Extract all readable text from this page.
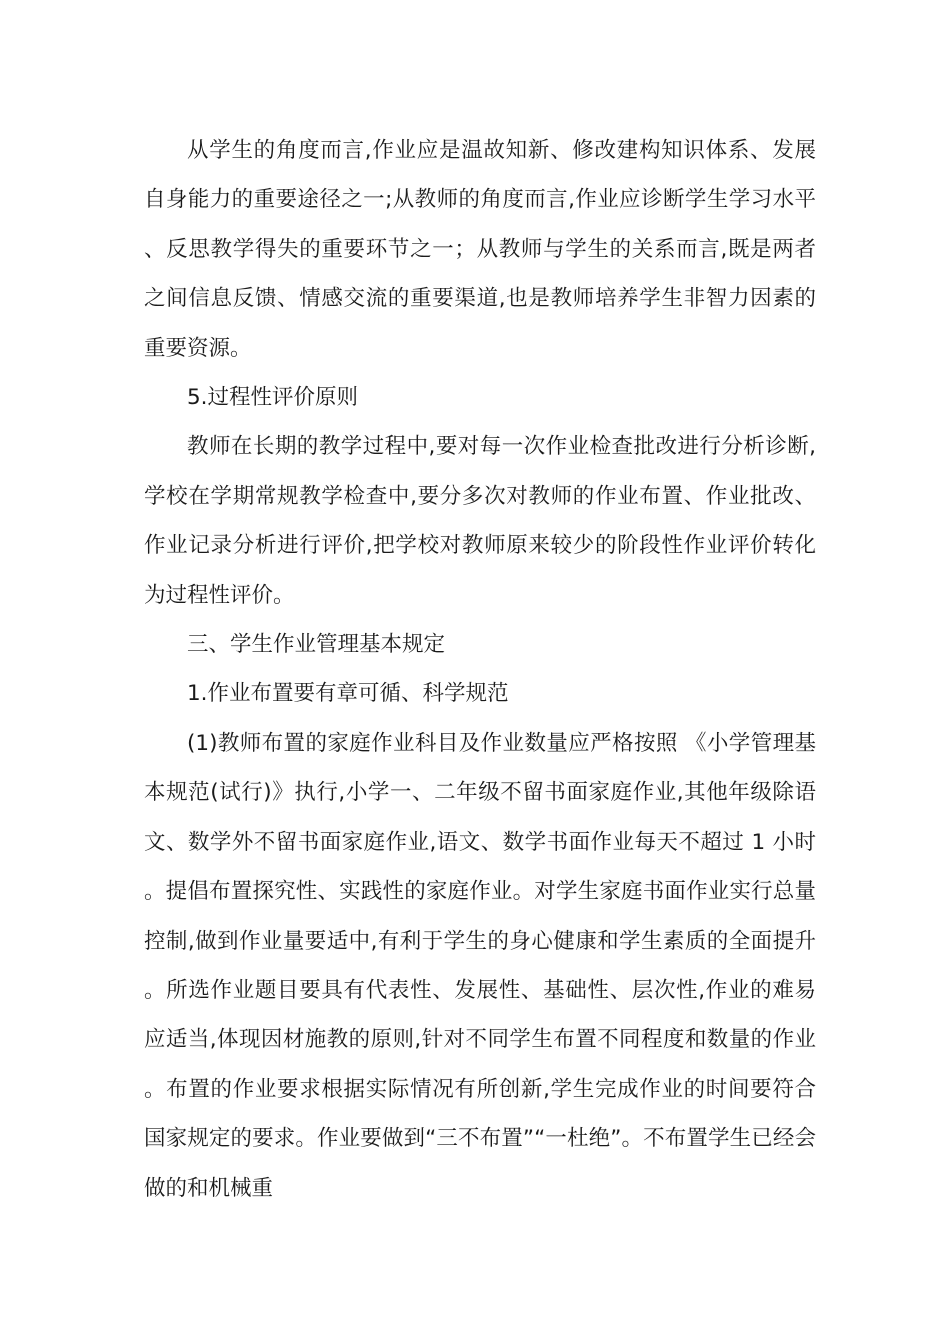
从学生的角度而言,作业应是温故知新、修改建构知识体系、发展自身能力的重要途径之一;从教师的角度而言,作业应诊断学生学习水平、反思教学得失的重要环节之一；从教师与学生的关系而言,既是两者之间信息反馈、情感交流的重要渠道,也是教师培养学生非智力因素的重要资源。

5.过程性评价原则

教师在长期的教学过程中,要对每一次作业检查批改进行分析诊断,学校在学期常规教学检查中,要分多次对教师的作业布置、作业批改、作业记录分析进行评价,把学校对教师原来较少的阶段性作业评价转化为过程性评价。

三、学生作业管理基本规定

1.作业布置要有章可循、科学规范

(1)教师布置的家庭作业科目及作业数量应严格按照 《小学管理基本规范(试行)》执行,小学一、二年级不留书面家庭作业,其他年级除语文、数学外不留书面家庭作业,语文、数学书面作业每天不超过 1 小时。提倡布置探究性、实践性的家庭作业。对学生家庭书面作业实行总量控制,做到作业量要适中,有利于学生的身心健康和学生素质的全面提升。所选作业题目要具有代表性、发展性、基础性、层次性,作业的难易应适当,体现因材施教的原则,针对不同学生布置不同程度和数量的作业。布置的作业要求根据实际情况有所创新,学生完成作业的时间要符合国家规定的要求。作业要做到“三不布置”“一杜绝”。不布置学生已经会做的和机械重
